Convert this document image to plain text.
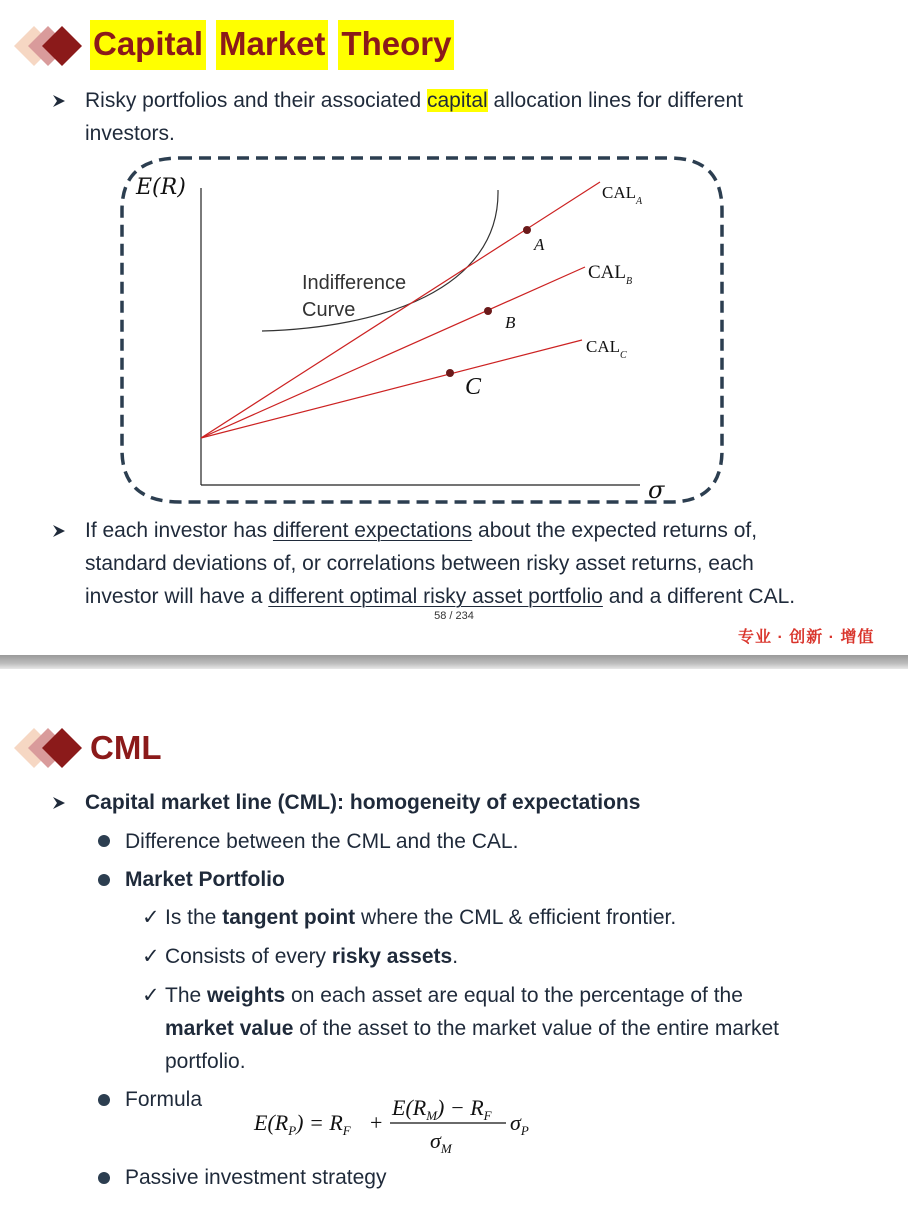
Capital Market Theory
Risky portfolios and their associated capital allocation lines for different
investors.
E(R)
σ
$CAL_A$
$CAL_B$
$CAL_C$
A
B
C
Indifference
Curve
If each investor has different expectations about the expected returns of,
standard deviations of, or correlations between risky asset returns, each
investor will have a different optimal risky asset portfolio and a different CAL.
58 / 234
专业 · 创新 · 增值
CML
Capital market line (CML): homogeneity of expectations
Difference between the CML and the CAL.
Market Portfolio
✓ Is the tangent point where the CML & efficient frontier.
✓ Consists of every risky assets.
✓ The weights on each asset are equal to the percentage of the
market value of the asset to the market value of the entire market
portfolio.
Formula
$E(R_P) = R_F$ +
$E(R_M) - R_F$
$\sigma_M$
$\sigma_P$
Passive investment strategy
